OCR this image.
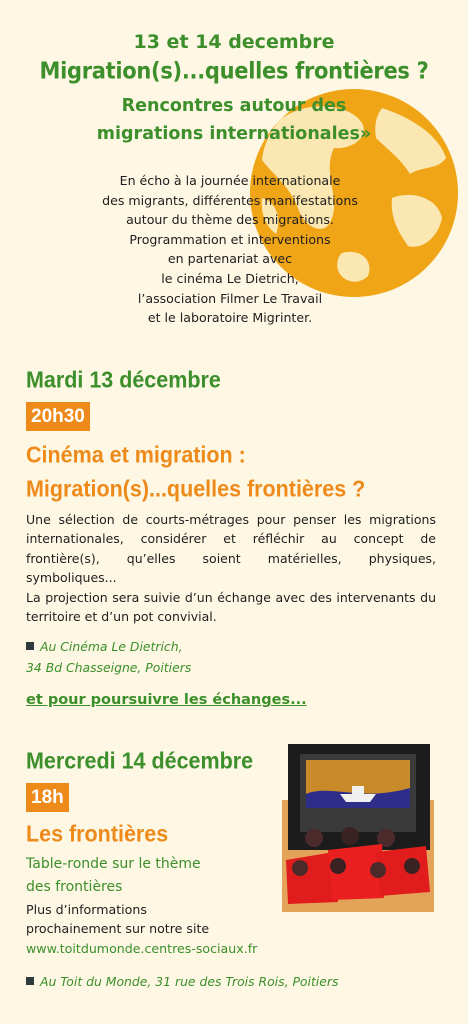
13 et 14 decembre
Migration(s)...quelles frontières ?
Rencontres autour des
migrations internationales»
En écho à la journée internationale
des migrants, différentes manifestations
autour du thème des migrations.
Programmation et interventions
en partenariat avec
le cinéma Le Dietrich,
l’association Filmer Le Travail
et le laboratoire Migrinter.
Mardi 13 décembre
20h30
Cinéma et migration :
Migration(s)...quelles frontières ?

Une sélection de courts-métrages pour penser les migrations internationales, considérer et réfléchir au concept de frontière(s), qu’elles soient matérielles, physiques, symboliques...

La projection sera suivie d’un échange avec des intervenants du territoire et d’un pot convivial.

Au Cinéma Le Dietrich,
34 Bd Chasseigne, Poitiers
et pour poursuivre les échanges...
Mercredi 14 décembre
18h
Les frontières
Table-ronde sur le thème
des frontières
Plus d’informations
prochainement sur notre site
www.toitdumonde.centres-sociaux.fr
Au Toit du Monde, 31 rue des Trois Rois, Poitiers
